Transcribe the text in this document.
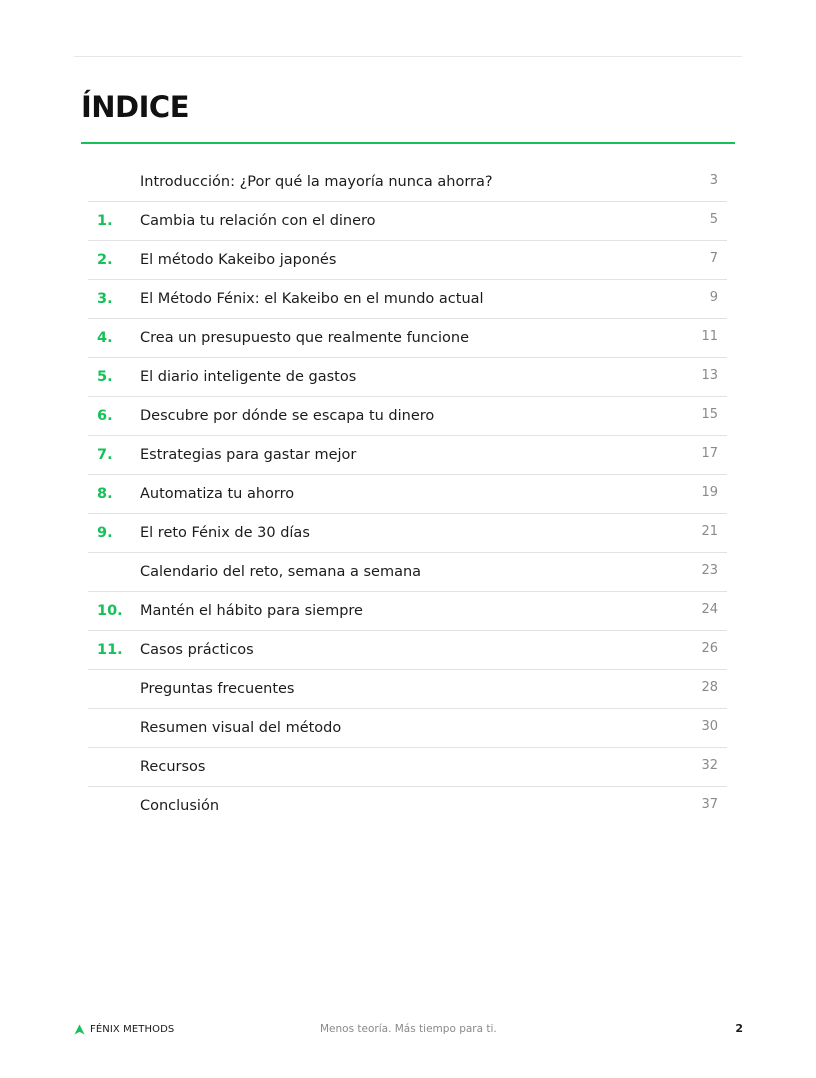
ÍNDICE
Introducción: ¿Por qué la mayoría nunca ahorra?	3
1. Cambia tu relación con el dinero	5
2. El método Kakeibo japonés	7
3. El Método Fénix: el Kakeibo en el mundo actual	9
4. Crea un presupuesto que realmente funcione	11
5. El diario inteligente de gastos	13
6. Descubre por dónde se escapa tu dinero	15
7. Estrategias para gastar mejor	17
8. Automatiza tu ahorro	19
9. El reto Fénix de 30 días	21
Calendario del reto, semana a semana	23
10. Mantén el hábito para siempre	24
11. Casos prácticos	26
Preguntas frecuentes	28
Resumen visual del método	30
Recursos	32
Conclusión	37
FÉNIX METHODS	Menos teoría. Más tiempo para ti.	2
